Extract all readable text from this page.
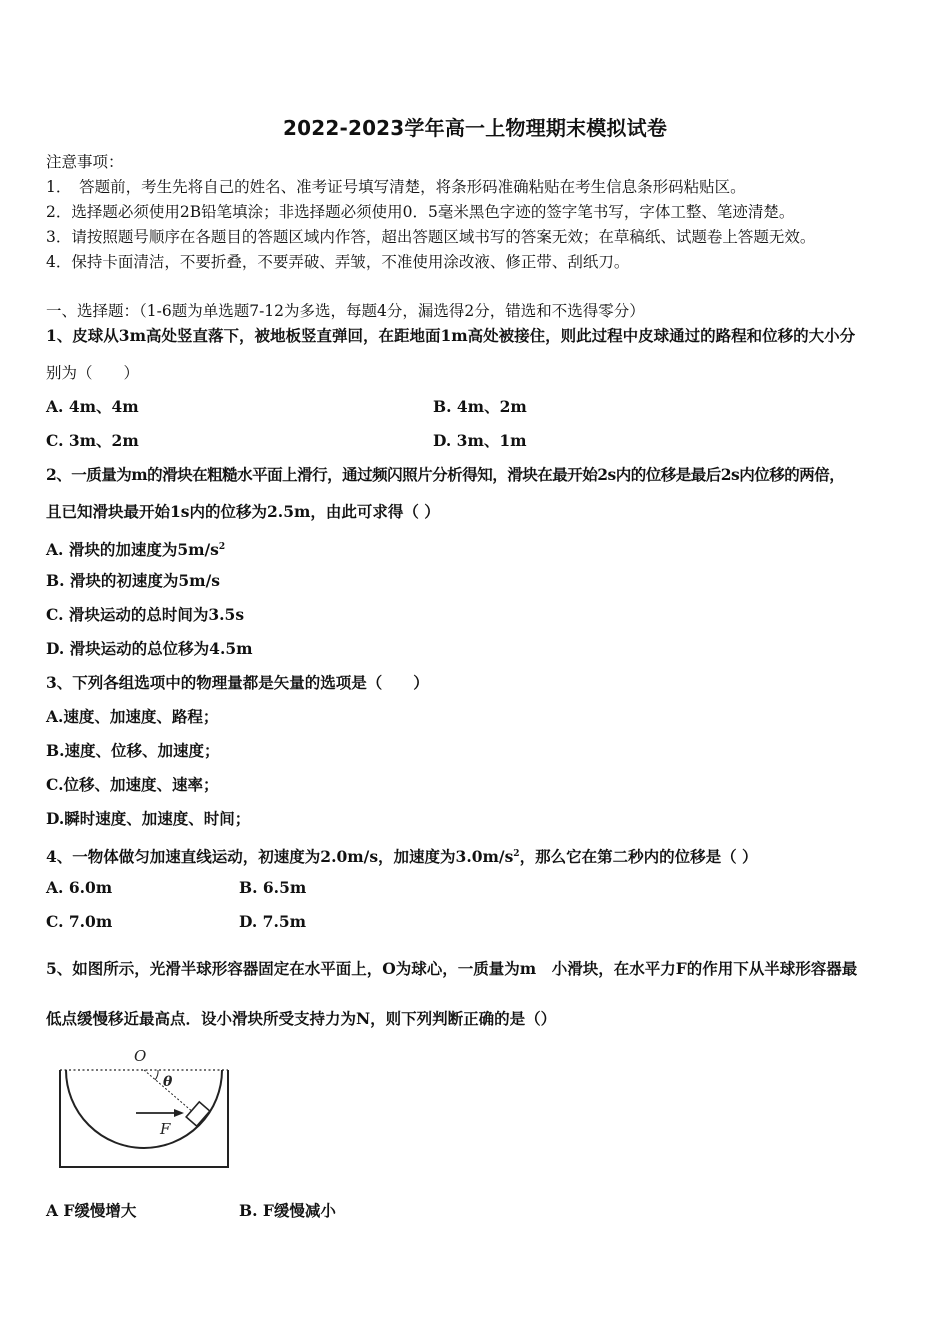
2022-2023学年高一上物理期末模拟试卷
注意事项：
1．　答题前，考生先将自己的姓名、准考证号填写清楚，将条形码准确粘贴在考生信息条形码粘贴区。
2．选择题必须使用2B铅笔填涂；非选择题必须使用0．5毫米黑色字迹的签字笔书写，字体工整、笔迹清楚。
3．请按照题号顺序在各题目的答题区域内作答，超出答题区域书写的答案无效；在草稿纸、试题卷上答题无效。
4．保持卡面清洁，不要折叠，不要弄破、弄皱，不准使用涂改液、修正带、刮纸刀。
一、选择题：（1-6题为单选题7-12为多选，每题4分，漏选得2分，错选和不选得零分）
1、皮球从3m高处竖直落下，被地板竖直弹回，在距地面1m高处被接住，则此过程中皮球通过的路程和位移的大小分
别为（　　）
A. 4m、4m	B. 4m、2m
C. 3m、2m	D. 3m、1m
2、一质量为m的滑块在粗糙水平面上滑行，通过频闪照片分析得知，滑块在最开始2s内的位移是最后2s内位移的两倍，
且已知滑块最开始1s内的位移为2.5m，由此可求得（ ）
A. 滑块的加速度为$5m/s^2$
B. 滑块的初速度为5m/s
C. 滑块运动的总时间为3.5s
D. 滑块运动的总位移为4.5m
3、下列各组选项中的物理量都是矢量的选项是（　　）
A.速度、加速度、路程；
B.速度、位移、加速度；
C.位移、加速度、速率；
D.瞬时速度、加速度、时间；
4、一物体做匀加速直线运动，初速度为2.0m/s，加速度为$3.0m/s^2$，那么它在第二秒内的位移是（ ）
A. 6.0m	B. 6.5m
C. 7.0m	D. 7.5m
5、如图所示，光滑半球形容器固定在水平面上，O为球心，一质量为m　小滑块，在水平力F的作用下从半球形容器最
低点缓慢移近最高点．设小滑块所受支持力为N，则下列判断正确的是（）
O
θ
F
A F缓慢增大	B. F缓慢减小
